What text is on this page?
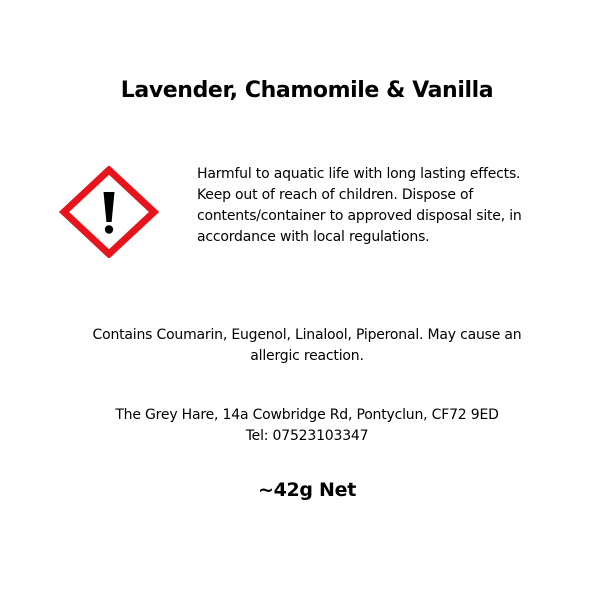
Lavender, Chamomile & Vanilla
Harmful to aquatic life with long lasting effects.
Keep out of reach of children. Dispose of
contents/container to approved disposal site, in
accordance with local regulations.
Contains Coumarin, Eugenol, Linalool, Piperonal. May cause an
allergic reaction.
The Grey Hare, 14a Cowbridge Rd, Pontyclun, CF72 9ED
Tel: 07523103347
~42g Net
